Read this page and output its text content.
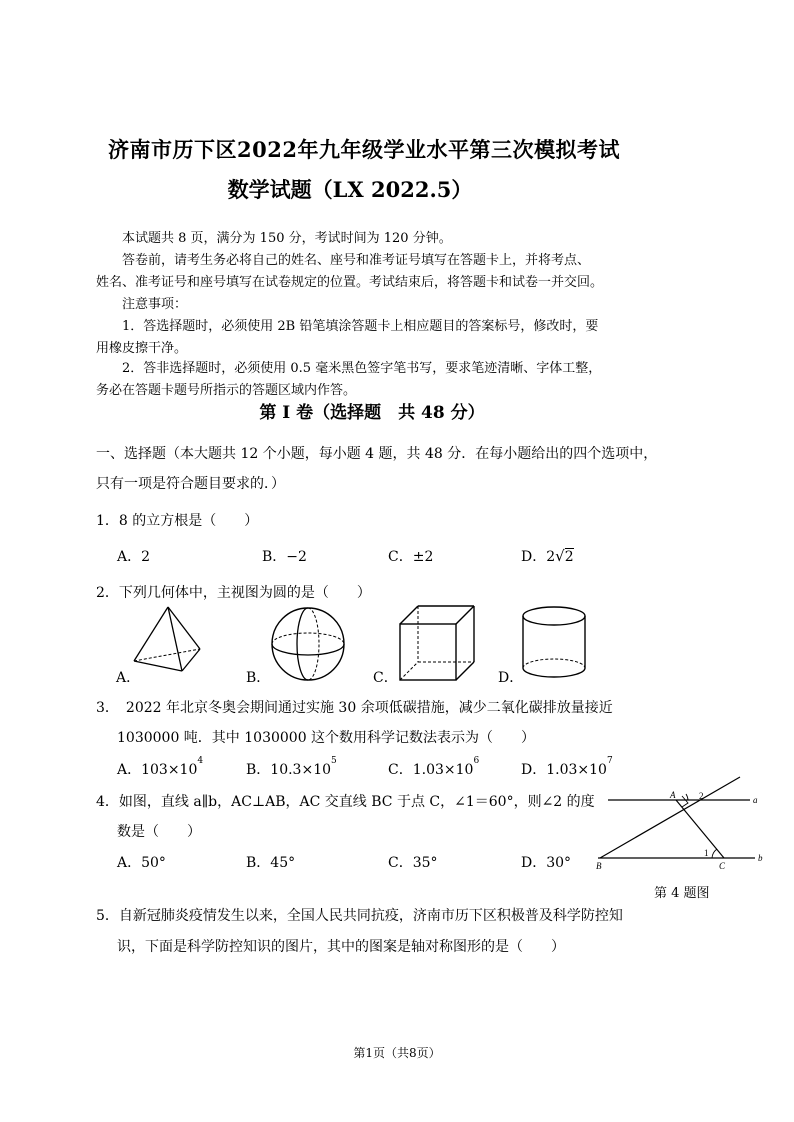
济南市历下区2022年九年级学业水平第三次模拟考试
数学试题（LX 2022.5）
本试题共 8 页，满分为 150 分，考试时间为 120 分钟。
答卷前，请考生务必将自己的姓名、座号和准考证号填写在答题卡上，并将考点、
姓名、准考证号和座号填写在试卷规定的位置。考试结束后，将答题卡和试卷一并交回。
注意事项：
1．答选择题时，必须使用 2B 铅笔填涂答题卡上相应题目的答案标号，修改时，要
用橡皮擦干净。
2．答非选择题时，必须使用 0.5 毫米黑色签字笔书写，要求笔迹清晰、字体工整，
务必在答题卡题号所指示的答题区域内作答。
第 I 卷（选择题　共 48 分）
一、选择题（本大题共 12 个小题，每小题 4 题，共 48 分．在每小题给出的四个选项中，
只有一项是符合题目要求的．）
1．8 的立方根是（　　）
A．2	B．−2	C．±2	D．2√2
2．下列几何体中，主视图为圆的是（　　）
A．	B．	C．	D．
3．　2022 年北京冬奥会期间通过实施 30 余项低碳措施，减少二氧化碳排放量接近
1030000 吨．其中 1030000 这个数用科学记数法表示为（　　）
A．$103\times 10^4$
B．$10.3\times 10^5$
C．$1.03\times 10^6$
D．$1.03\times 10^7$
4．如图，直线 a∥b，AC⊥AB，AC 交直线 BC 于点 C，∠1＝60°，则∠2 的度
数是（　　）
A．50°	B．45°	C．35°	D．30°
A	2	a
1
B	C
b
第 4 题图
5．自新冠肺炎疫情发生以来，全国人民共同抗疫，济南市历下区积极普及科学防控知
识，下面是科学防控知识的图片，其中的图案是轴对称图形的是（　　）
第1页（共8页）
